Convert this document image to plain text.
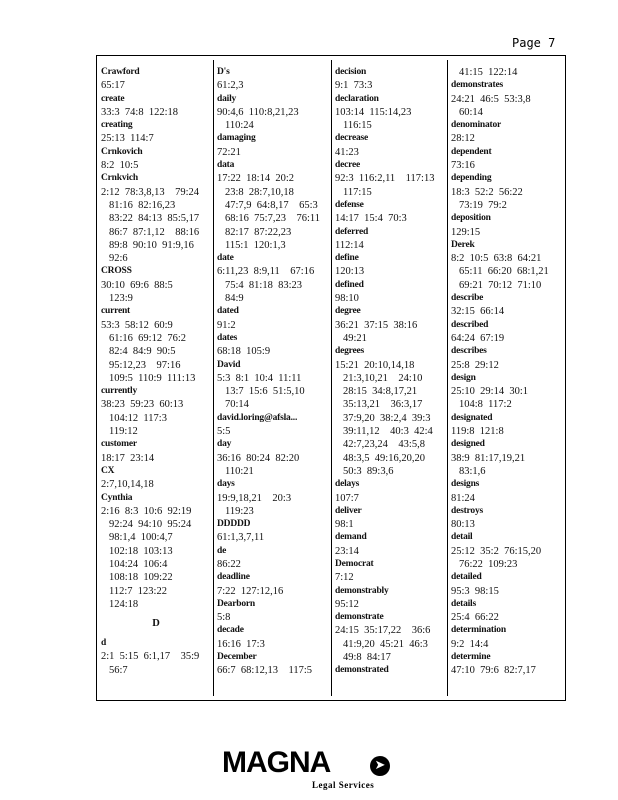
Page 7
Crawford
65:17
create
33:3  74:8  122:18
creating
25:13  114:7
Crnkovich
8:2  10:5
Crnkvich
2:12  78:3,8,13    79:24
81:16  82:16,23
83:22  84:13  85:5,17
86:7  87:1,12    88:16
89:8  90:10  91:9,16
92:6
CROSS
30:10  69:6  88:5
123:9
current
53:3  58:12  60:9
61:16  69:12  76:2
82:4  84:9  90:5
95:12,23    97:16
109:5  110:9  111:13
currently
38:23  59:23  60:13
104:12  117:3
119:12
customer
18:17  23:14
CX
2:7,10,14,18
Cynthia
2:16  8:3  10:6  92:19
92:24  94:10  95:24
98:1,4  100:4,7
102:18  103:13
104:24  106:4
108:18  109:22
112:7  123:22
124:18
D
d
2:1  5:15  6:1,17    35:9
56:7
D's
61:2,3
daily
90:4,6  110:8,21,23
110:24
damaging
72:21
data
17:22  18:14  20:2
23:8  28:7,10,18
47:7,9  64:8,17    65:3
68:16  75:7,23    76:11
82:17  87:22,23
115:1  120:1,3
date
6:11,23  8:9,11    67:16
75:4  81:18  83:23
84:9
dated
91:2
dates
68:18  105:9
David
5:3  8:1  10:4  11:11
13:7  15:6  51:5,10
70:14
david.loring@afsla...
5:5
day
36:16  80:24  82:20
110:21
days
19:9,18,21    20:3
119:23
DDDDD
61:1,3,7,11
de
86:22
deadline
7:22  127:12,16
Dearborn
5:8
decade
16:16  17:3
December
66:7  68:12,13    117:5
decision
9:1  73:3
declaration
103:14  115:14,23
116:15
decrease
41:23
decree
92:3  116:2,11    117:13
117:15
defense
14:17  15:4  70:3
deferred
112:14
define
120:13
defined
98:10
degree
36:21  37:15  38:16
49:21
degrees
15:21  20:10,14,18
21:3,10,21    24:10
28:15  34:8,17,21
35:13,21    36:3,17
37:9,20  38:2,4  39:3
39:11,12    40:3  42:4
42:7,23,24    43:5,8
48:3,5  49:16,20,20
50:3  89:3,6
delays
107:7
deliver
98:1
demand
23:14
Democrat
7:12
demonstrably
95:12
demonstrate
24:15  35:17,22    36:6
41:9,20  45:21  46:3
49:8  84:17
demonstrated
41:15  122:14
demonstrates
24:21  46:5  53:3,8
60:14
denominator
28:12
dependent
73:16
depending
18:3  52:2  56:22
73:19  79:2
deposition
129:15
Derek
8:2  10:5  63:8  64:21
65:11  66:20  68:1,21
69:21  70:12  71:10
describe
32:15  66:14
described
64:24  67:19
describes
25:8  29:12
design
25:10  29:14  30:1
104:8  117:2
designated
119:8  121:8
designed
38:9  81:17,19,21
83:1,6
designs
81:24
destroys
80:13
detail
25:12  35:2  76:15,20
76:22  109:23
detailed
95:3  98:15
details
25:4  66:22
determination
9:2  14:4
determine
47:10  79:6  82:7,17
MAGNA	➤
Legal Services
